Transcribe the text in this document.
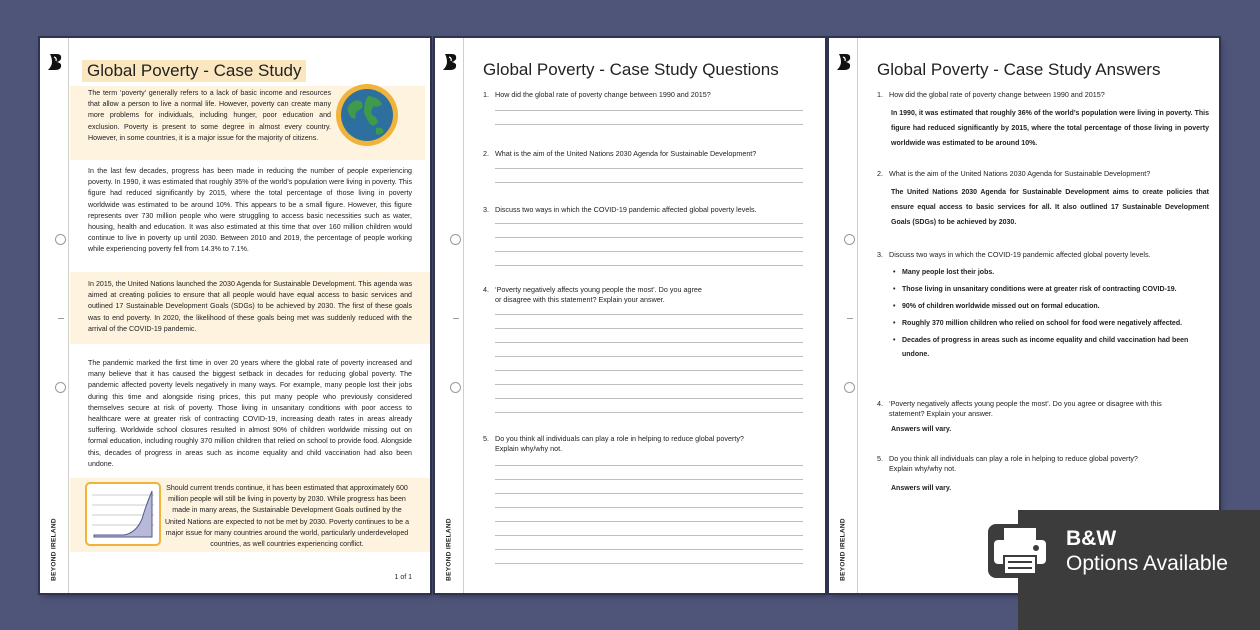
BEYOND IRELAND
Global Poverty - Case Study
The term ‘poverty’ generally refers to a lack of basic income and resources that allow a person to live a normal life. However, poverty can create many more problems for individuals, including hunger, poor education and exclusion. Poverty is present to some degree in almost every country. However, in some countries, it is a major issue for the majority of citizens.
In the last few decades, progress has been made in reducing the number of people experiencing poverty. In 1990, it was estimated that roughly 35% of the world’s population were living in poverty. This figure had reduced significantly by 2015, where the total percentage of those living in poverty worldwide was estimated to be around 10%. This appears to be a small figure. However, this figure represents over 730 million people who were struggling to access basic necessities such as water, housing, health and education. It was also estimated at this time that over 160 million children would continue to live in poverty up until 2030. Between 2010 and 2019, the percentage of people working while experiencing poverty fell from 14.3% to 7.1%.
In 2015, the United Nations launched the 2030 Agenda for Sustainable Development. This agenda was aimed at creating policies to ensure that all people would have equal access to basic services and outlined 17 Sustainable Development Goals (SDGs) to be achieved by 2030. The first of these goals was to end poverty. In 2020, the likelihood of these goals being met was suddenly reduced with the arrival of the COVID-19 pandemic.
The pandemic marked the first time in over 20 years where the global rate of poverty increased and many believe that it has caused the biggest setback in decades for reducing global poverty. The pandemic affected poverty levels negatively in many ways. For example, many people lost their jobs during this time and alongside rising prices, this put many people who previously considered themselves secure at risk of poverty. Those living in unsanitary conditions with poor access to healthcare were at greater risk of contracting COVID-19, increasing death rates in areas already suffering. Worldwide school closures resulted in almost 90% of children worldwide missing out on formal education, including roughly 370 million children that relied on school to provide food. Alongside this, decades of progress in areas such as income equality and child vaccination had also been undone.
Should current trends continue, it has been estimated that approximately 600 million people will still be living in poverty by 2030. While progress has been made in many areas, the Sustainable Development Goals outlined by the United Nations are expected to not be met by 2030. Poverty continues to be a major issue for many countries around the world, particularly underdeveloped countries, as well countries experiencing conflict.
1 of 1	BEYOND IRELAND
Global Poverty - Case Study Questions
1. How did the global rate of poverty change between 1990 and 2015?
2. What is the aim of the United Nations 2030 Agenda for Sustainable Development?
3. Discuss two ways in which the COVID-19 pandemic affected global poverty levels.
4. ‘Poverty negatively affects young people the most’. Do you agree
or disagree with this statement? Explain your answer.
5. Do you think all individuals can play a role in helping to reduce global poverty?
Explain why/why not.
BEYOND IRELAND
Global Poverty - Case Study Answers
1. How did the global rate of poverty change between 1990 and 2015?
In 1990, it was estimated that roughly 36% of the world’s population were living in poverty. This figure had reduced significantly by 2015, where the total percentage of those living in poverty worldwide was estimated to be around 10%.
2. What is the aim of the United Nations 2030 Agenda for Sustainable Development?
The United Nations 2030 Agenda for Sustainable Development aims to create policies that ensure equal access to basic services for all. It also outlined 17 Sustainable Development Goals (SDGs) to be achieved by 2030.
3. Discuss two ways in which the COVID-19 pandemic affected global poverty levels.
• Many people lost their jobs.
• Those living in unsanitary conditions were at greater risk of contracting COVID-19.
• 90% of children worldwide missed out on formal education.
• Roughly 370 million children who relied on school for food were negatively affected.
• Decades of progress in areas such as income equality and child vaccination had been undone.
4. ‘Poverty negatively affects young people the most’. Do you agree or disagree with this
statement? Explain your answer.
Answers will vary.
5. Do you think all individuals can play a role in helping to reduce global poverty?
Explain why/why not.
Answers will vary.
B&W
Options Available
